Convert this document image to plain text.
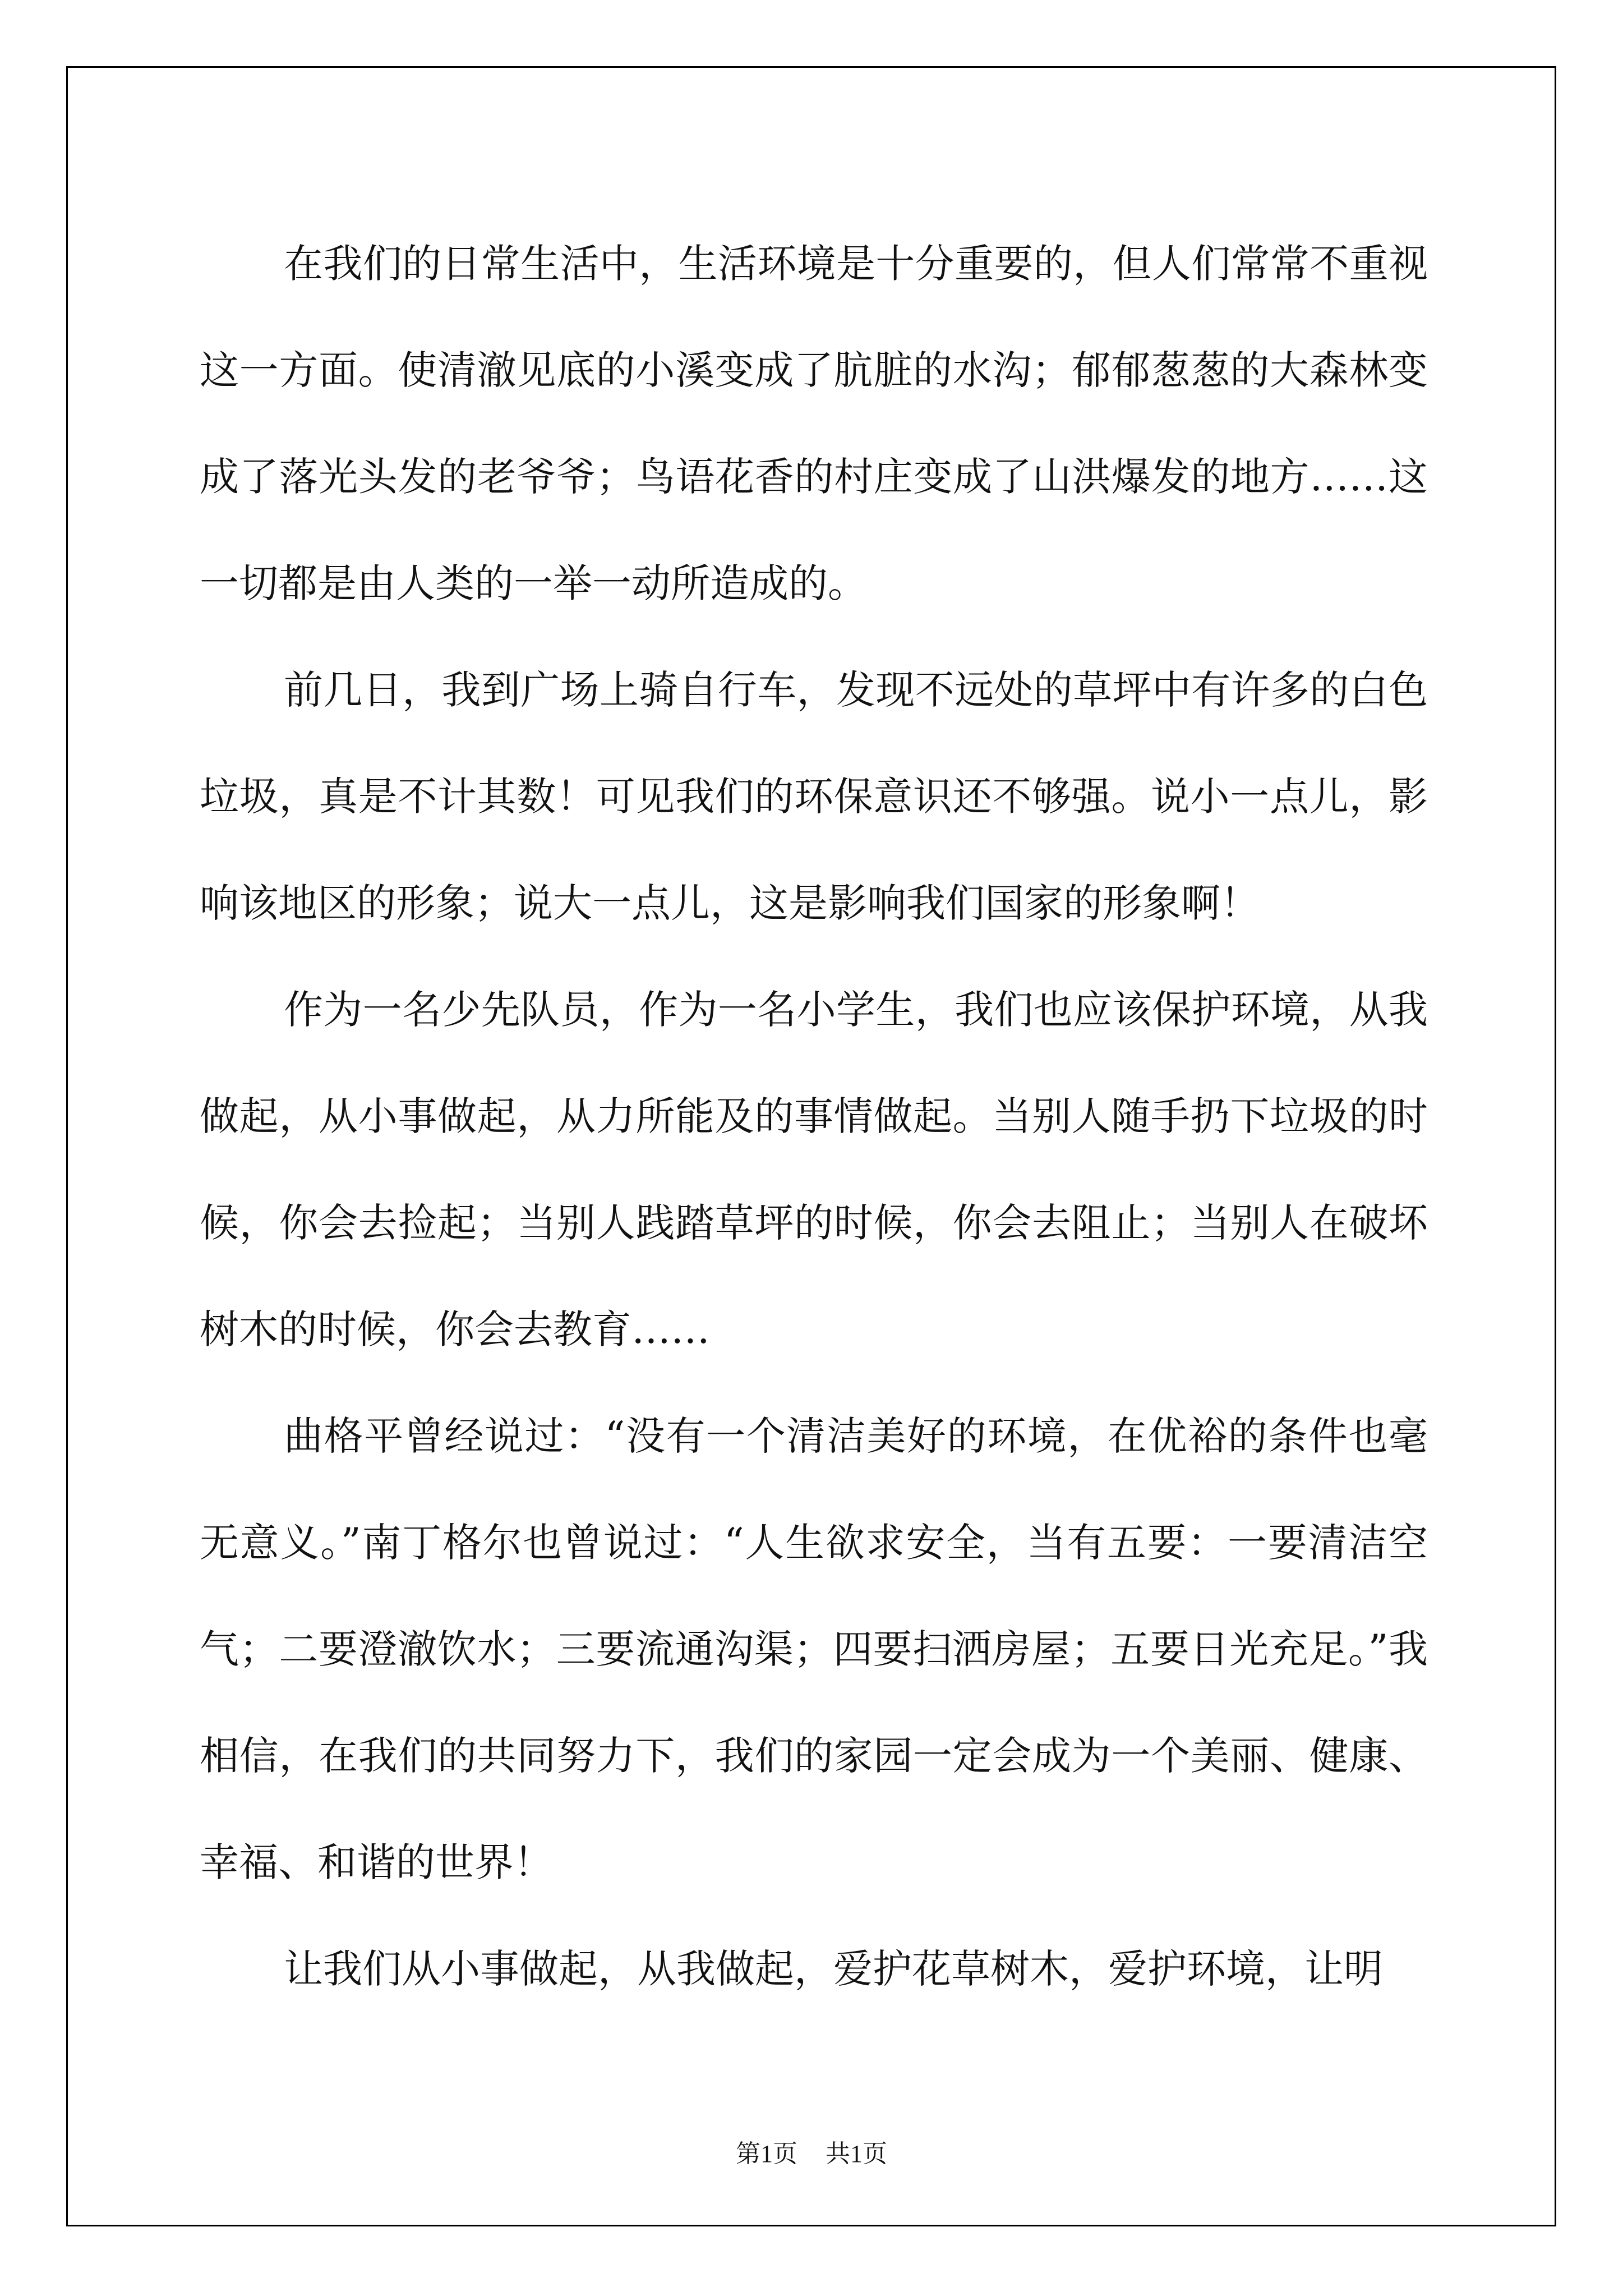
在我们的日常生活中，生活环境是十分重要的，但人们常常不重视这一方面。使清澈见底的小溪变成了肮脏的水沟；郁郁葱葱的大森林变成了落光头发的老爷爷；鸟语花香的村庄变成了山洪爆发的地方……这一切都是由人类的一举一动所造成的。

前几日，我到广场上骑自行车，发现不远处的草坪中有许多的白色垃圾，真是不计其数！可见我们的环保意识还不够强。说小一点儿，影响该地区的形象；说大一点儿，这是影响我们国家的形象啊！

作为一名少先队员，作为一名小学生，我们也应该保护环境，从我做起，从小事做起，从力所能及的事情做起。当别人随手扔下垃圾的时候，你会去捡起；当别人践踏草坪的时候，你会去阻止；当别人在破坏树木的时候，你会去教育……

曲格平曾经说过：“没有一个清洁美好的环境，在优裕的条件也毫无意义。”南丁格尔也曾说过：“人生欲求安全，当有五要：一要清洁空气；二要澄澈饮水；三要流通沟渠；四要扫洒房屋；五要日光充足。”我相信，在我们的共同努力下，我们的家园一定会成为一个美丽、健康、幸福、和谐的世界！

让我们从小事做起，从我做起，爱护花草树木，爱护环境，让明

第1页 共1页
